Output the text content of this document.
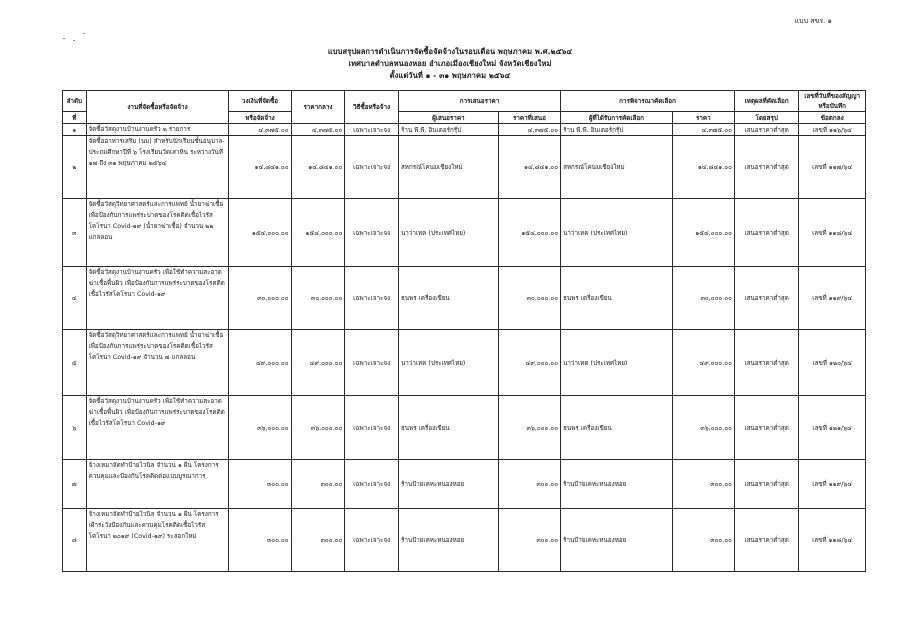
แบบ สขร. ๑
แบบสรุปผลการดำเนินการจัดซื้อจัดจ้างในรอบเดือน พฤษภาคม พ.ศ.๒๕๖๔
เทศบาลตำบลหนองหอย อำเภอเมืองเชียงใหม่ จังหวัดเชียงใหม่
ตั้งแต่วันที่ ๑ - ๓๑ พฤษภาคม ๒๕๖๔
ลำดับ	งานที่จัดซื้อหรือจัดจ้าง	วงเงินที่จัดซื้อ	ราคากลาง	วิธีซื้อหรือจ้าง	การเสนอราคา		การพิจารณาคัดเลือก		เหตุผลที่คัดเลือก	เลขที่วันที่ของสัญญา
หรือบันทึก
ที่		หรือจัดจ้าง			ผู้เสนอราคา	ราคาที่เสนอ	ผู้ที่ได้รับการคัดเลือก	ราคา	โดยสรุป	ข้อตกลง
๑	จัดซื้อวัสดุงานบ้านงานครัว ๒ รายการ	๔,๓๗๕.๐๐	๔,๓๗๕.๐๐	เฉพาะเจาะจง	ร้าน พี.พี. อินเตอร์กรุ๊ป	๔,๓๗๕.๐๐	ร้าน พี.พี. อินเตอร์กรุ๊ป	๔,๓๗๕.๐๐	เสนอราคาต่ำสุด	เลขที่ ๑๑๖/๖๔
๒	จัดซื้ออาหารเสริม (นม) สำหรับนักเรียนชั้นอนุบาล-ประถมศึกษาปีที่ ๖ โรงเรียนวัดเสาหิน ระหว่างวันที่ ๑๗ ถึง ๓๑ พฤษภาคม ๒๕๖๔	๑๔,๘๔๑.๐๐	๑๔,๘๔๑.๐๐	เฉพาะเจาะจง	สหกรณ์โคนมเชียงใหม่	๑๔,๘๔๑.๐๐	สหกรณ์โคนมเชียงใหม่	๑๔,๘๔๑.๐๐	เสนอราคาต่ำสุด	เลขที่ ๑๑๗/๖๔
๓	จัดซื้อวัสดุวิทยาศาสตร์และการแพทย์ น้ำยาฆ่าเชื้อ เพื่อป้องกันการแพร่ระบาดของโรคติดเชื้อไวรัสโคโรนา Covid-๑๙ (น้ำยาฆ่าเชื้อ) จำนวน ๒๒ แกลลอน	๑๕๔,๐๐๐.๐๐	๑๕๔,๐๐๐.๐๐	เฉพาะเจาะจง	นาว่าเทค (ประเทศไทย)	๑๕๔,๐๐๐.๐๐	นาว่าเทค (ประเทศไทย)	๑๕๔,๐๐๐.๐๐	เสนอราคาต่ำสุด	เลขที่ ๑๑๘/๖๔
๔	จัดซื้อวัสดุงานบ้านงานครัว เพื่อใช้ทำความสะอาดฆ่าเชื้อพื้นผิว เพื่อป้องกันการแพร่ระบาดของโรคติดเชื้อไวรัสโคโรนา Covid-๑๙	๓๐,๐๐๐.๐๐	๓๐,๐๐๐.๐๐	เฉพาะเจาะจง	ธนพร เครื่องเขียน	๓๐,๐๐๐.๐๐	ธนพร เครื่องเขียน	๓๐,๐๐๐.๐๐	เสนอราคาต่ำสุด	เลขที่ ๑๑๙/๖๔
๕	จัดซื้อวัสดุวิทยาศาสตร์และการแพทย์ น้ำยาฆ่าเชื้อ เพื่อป้องกันการแพร่ระบาดของโรคติดเชื้อไวรัสโคโรนา Covid-๑๙ จำนวน ๗ แกลลอน	๔๙,๐๐๐.๐๐	๔๙,๐๐๐.๐๐	เฉพาะเจาะจง	นาว่าเทค (ประเทศไทย)	๔๙,๐๐๐.๐๐	นาว่าเทค (ประเทศไทย)	๔๙,๐๐๐.๐๐	เสนอราคาต่ำสุด	เลขที่ ๑๒๐/๖๔
๖	จัดซื้อวัสดุงานบ้านงานครัว เพื่อใช้ทำความสะอาดฆ่าเชื้อพื้นผิว เพื่อป้องกันการแพร่ระบาดของโรคติดเชื้อไวรัสโคโรนา Covid-๑๙	๓๖,๐๐๐.๐๐	๓๖,๐๐๐.๐๐	เฉพาะเจาะจง	ธนพร เครื่องเขียน	๓๖,๐๐๐.๐๐	ธนพร เครื่องเขียน	๓๖,๐๐๐.๐๐	เสนอราคาต่ำสุด	เลขที่ ๑๒๑/๖๔
๗	จ้างเหมาจัดทำป้ายไวนิล จำนวน ๑ ผืน โครงการควบคุมและป้องกันโรคติดต่อแบบบูรณาการ	๓๐๐.๐๐	๓๐๐.๐๐	เฉพาะเจาะจง	ร้านป้ายเคหะหนองหอย	๓๐๐.๐๐	ร้านป้ายเคหะหนองหอย	๓๐๐.๐๐	เสนอราคาต่ำสุด	เลขที่ ๑๑๙/๖๔
๘	จ้างเหมาจัดทำป้ายไวนิล จำนวน ๑ ผืน โครงการเฝ้าระวังป้องกันและควบคุมโรคติดเชื้อไวรัสโคโรนา ๒๐๑๙ (Covid-๑๙) ระลอกใหม่	๓๐๐.๐๐	๓๐๐.๐๐	เฉพาะเจาะจง	ร้านป้ายเคหะหนองหอย	๓๐๐.๐๐	ร้านป้ายเคหะหนองหอย	๓๐๐.๐๐	เสนอราคาต่ำสุด	เลขที่ ๑๑๘/๖๔
